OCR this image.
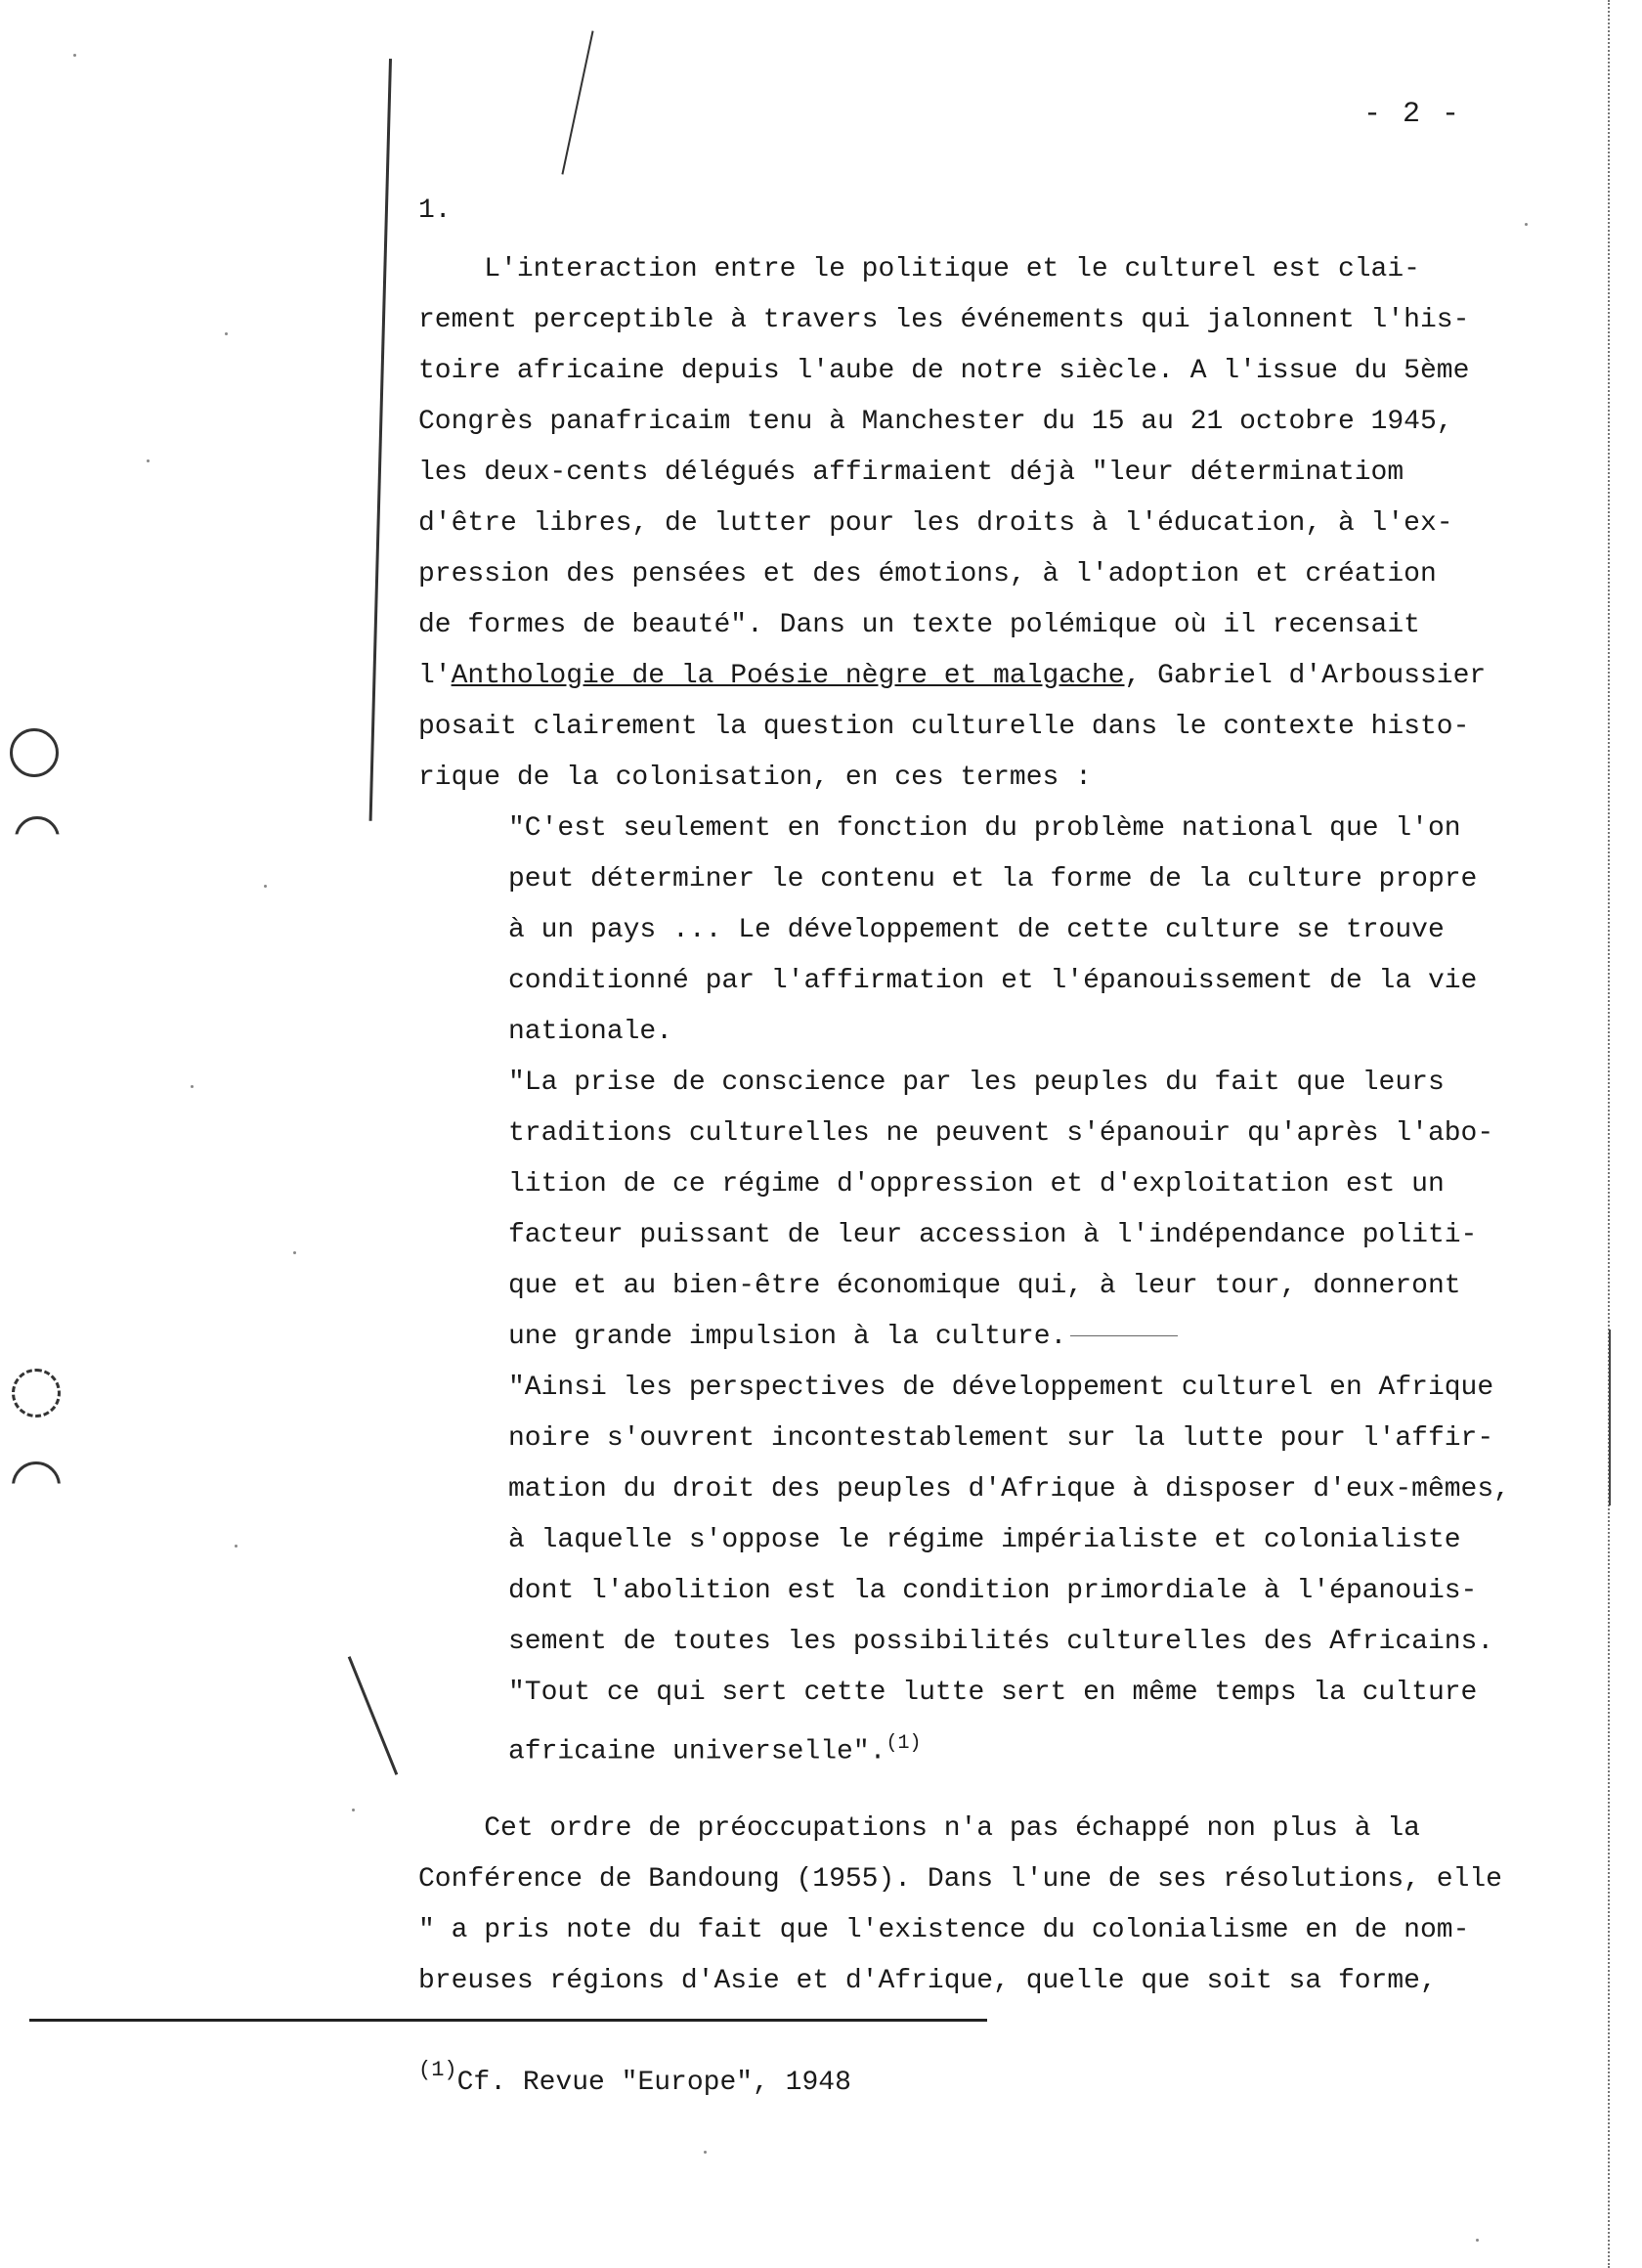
- 2 -
1.
L'interaction entre le politique et le culturel est clai-
rement perceptible à travers les événements qui jalonnent l'his-
toire africaine depuis l'aube de notre siècle. A l'issue du 5ème
Congrès panafricaim tenu à Manchester du 15 au 21 octobre 1945,
les deux-cents délégués affirmaient déjà "leur déterminatiom
d'être libres, de lutter pour les droits à l'éducation, à l'ex-
pression des pensées et des émotions, à l'adoption et création
de formes de beauté". Dans un texte polémique où il recensait
l'Anthologie de la Poésie nègre et malgache, Gabriel d'Arboussier
posait clairement la question culturelle dans le contexte histo-
rique de la colonisation, en ces termes :
"C'est seulement en fonction du problème national que l'on
peut déterminer le contenu et la forme de la culture propre
à un pays ... Le développement de cette culture se trouve
conditionné par l'affirmation et l'épanouissement de la vie
nationale.
"La prise de conscience par les peuples du fait que leurs
traditions culturelles ne peuvent s'épanouir qu'après l'abo-
lition de ce régime d'oppression et d'exploitation est un
facteur puissant de leur accession à l'indépendance politi-
que et au bien-être économique qui, à leur tour, donneront
une grande impulsion à la culture.
"Ainsi les perspectives de développement culturel en Afrique
noire s'ouvrent incontestablement sur la lutte pour l'affir-
mation du droit des peuples d'Afrique à disposer d'eux-mêmes,
à laquelle s'oppose le régime impérialiste et colonialiste
dont l'abolition est la condition primordiale à l'épanouis-
sement de toutes les possibilités culturelles des Africains.
"Tout ce qui sert cette lutte sert en même temps la culture
africaine universelle".$^{(1)}$
Cet ordre de préoccupations n'a pas échappé non plus à la
Conférence de Bandoung (1955). Dans l'une de ses résolutions, elle
" a pris note du fait que l'existence du colonialisme en de nom-
breuses régions d'Asie et d'Afrique, quelle que soit sa forme,
$^{(1)}$Cf. Revue "Europe", 1948
